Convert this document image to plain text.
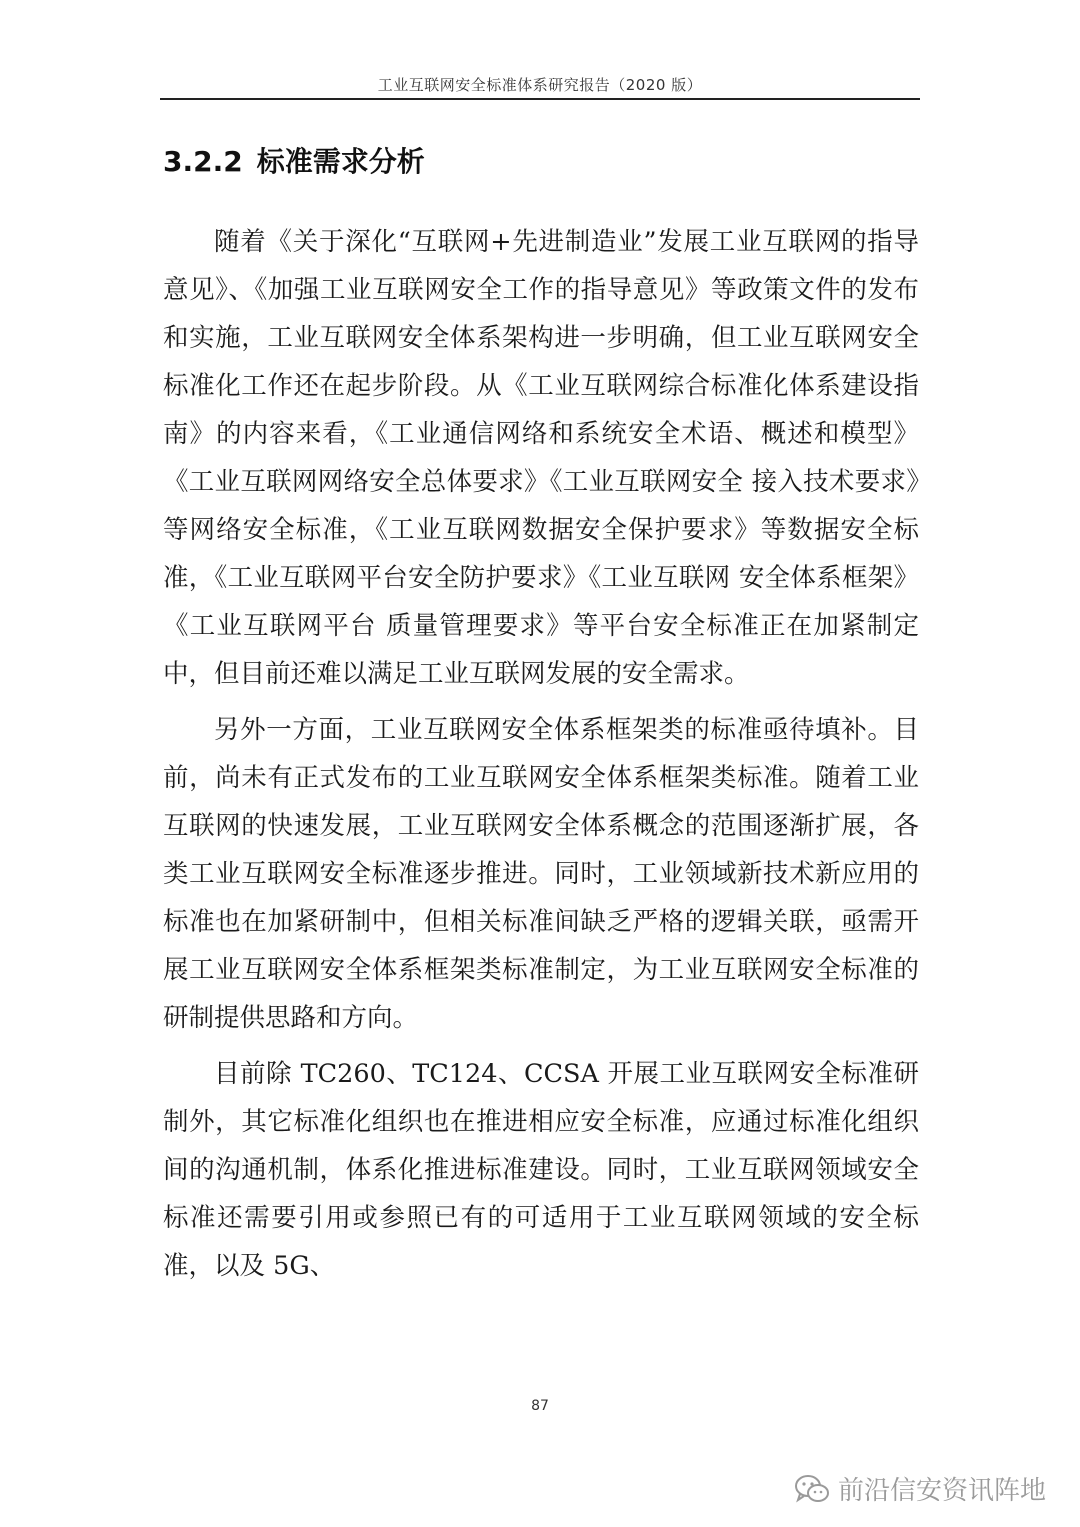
工业互联网安全标准体系研究报告（2020 版）
3.2.2 标准需求分析

随着《关于深化“互联网+先进制造业”发展工业互联网的指导意见》、《加强工业互联网安全工作的指导意见》等政策文件的发布和实施，工业互联网安全体系架构进一步明确，但工业互联网安全标准化工作还在起步阶段。从《工业互联网综合标准化体系建设指南》的内容来看，《工业通信网络和系统安全术语、概述和模型》《工业互联网网络安全总体要求》《工业互联网安全 接入技术要求》等网络安全标准，《工业互联网数据安全保护要求》等数据安全标准，《工业互联网平台安全防护要求》《工业互联网 安全体系框架》《工业互联网平台 质量管理要求》等平台安全标准正在加紧制定中，但目前还难以满足工业互联网发展的安全需求。

另外一方面，工业互联网安全体系框架类的标准亟待填补。目前，尚未有正式发布的工业互联网安全体系框架类标准。随着工业互联网的快速发展，工业互联网安全体系概念的范围逐渐扩展，各类工业互联网安全标准逐步推进。同时，工业领域新技术新应用的标准也在加紧研制中，但相关标准间缺乏严格的逻辑关联，亟需开展工业互联网安全体系框架类标准制定，为工业互联网安全标准的研制提供思路和方向。

目前除 TC260、TC124、CCSA 开展工业互联网安全标准研制外，其它标准化组织也在推进相应安全标准，应通过标准化组织间的沟通机制，体系化推进标准建设。同时，工业互联网领域安全标准还需要引用或参照已有的可适用于工业互联网领域的安全标准，以及 5G、

87
前沿信安资讯阵地
